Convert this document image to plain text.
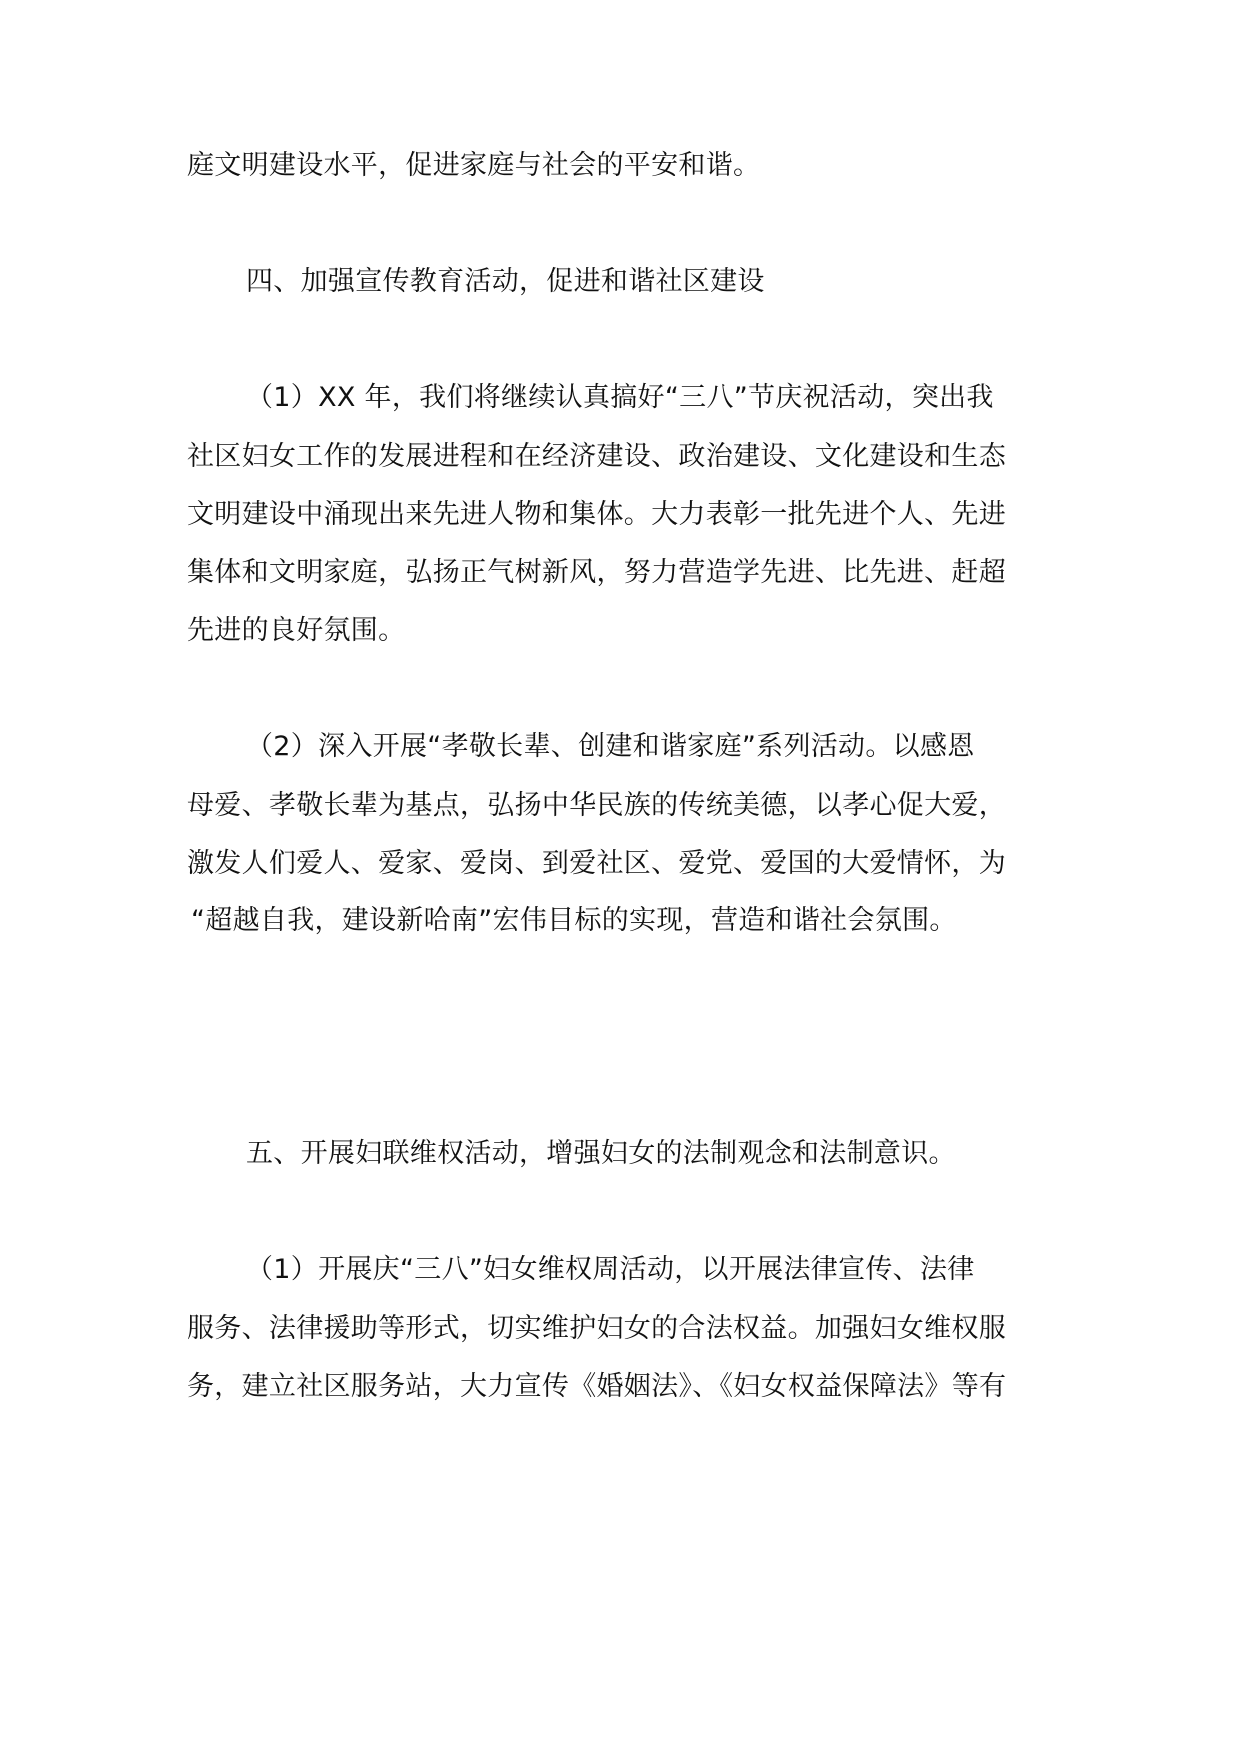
庭文明建设水平，促进家庭与社会的平安和谐。
四、加强宣传教育活动，促进和谐社区建设
（1）XX 年，我们将继续认真搞好“三八”节庆祝活动，突出我
社区妇女工作的发展进程和在经济建设、政治建设、文化建设和生态
文明建设中涌现出来先进人物和集体。大力表彰一批先进个人、先进
集体和文明家庭，弘扬正气树新风，努力营造学先进、比先进、赶超
先进的良好氛围。
（2）深入开展“孝敬长辈、创建和谐家庭”系列活动。以感恩
母爱、孝敬长辈为基点，弘扬中华民族的传统美德，以孝心促大爱，
激发人们爱人、爱家、爱岗、到爱社区、爱党、爱国的大爱情怀，为
“超越自我，建设新哈南”宏伟目标的实现，营造和谐社会氛围。
五、开展妇联维权活动，增强妇女的法制观念和法制意识。
（1）开展庆“三八”妇女维权周活动，以开展法律宣传、法律
服务、法律援助等形式，切实维护妇女的合法权益。加强妇女维权服
务，建立社区服务站，大力宣传《婚姻法》、《妇女权益保障法》等有
